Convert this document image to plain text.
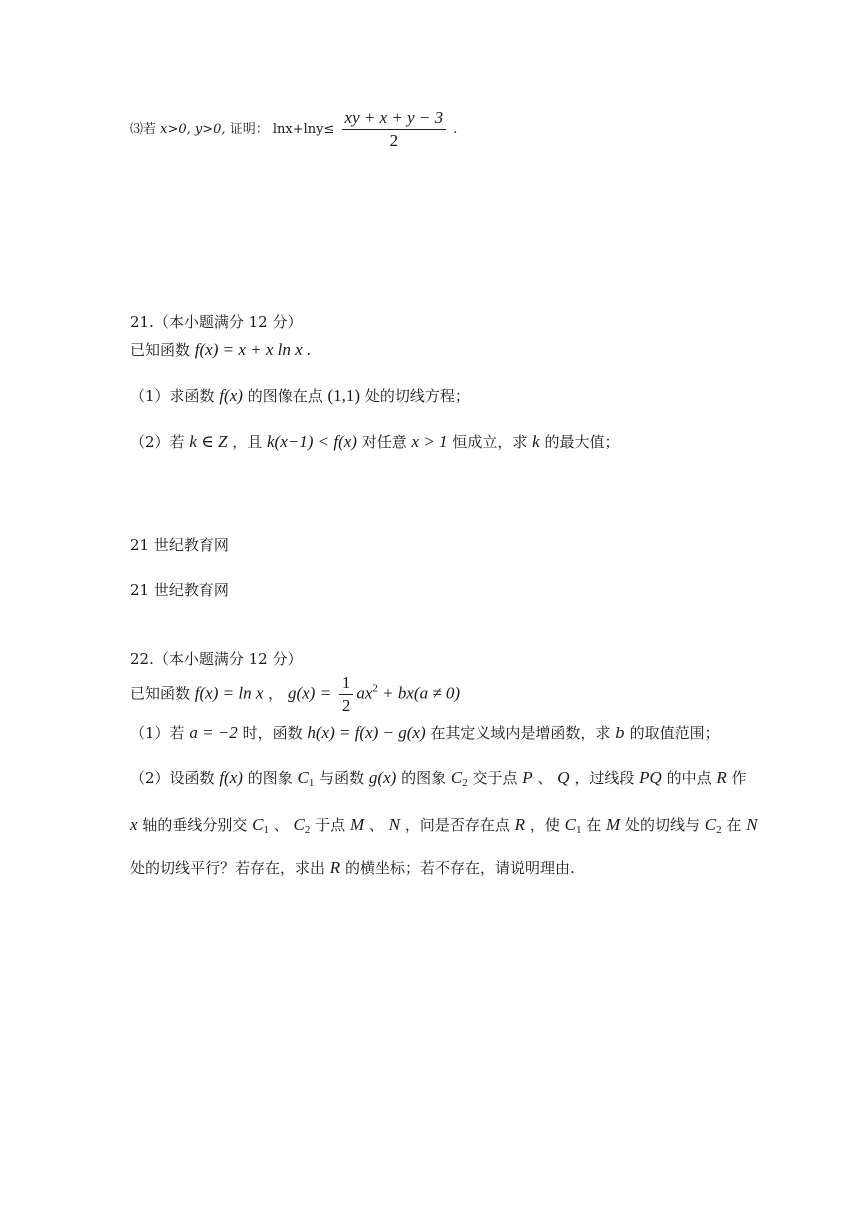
⑶若 x>0, y>0, 证明： $\ln x+\ln y\le \frac{xy + x + y - 3}{2}$ .
21.（本小题满分 12 分）
已知函数 f(x) = x + x ln x .
（1）求函数 f(x) 的图像在点 (1,1) 处的切线方程；
（2）若 k ∈ Z ，且 k(x−1) < f(x) 对任意 x > 1 恒成立，求 k 的最大值；
21 世纪教育网
21 世纪教育网
22.（本小题满分 12 分）
已知函数 f(x) = ln x ， $g(x) = \frac{1}{2} ax^2 + bx(a \ne 0)$
（1）若 a = −2 时，函数 h(x) = f(x) − g(x) 在其定义域内是增函数，求 b 的取值范围；
（2）设函数 f(x) 的图象 $C_1$ 与函数 g(x) 的图象 $C_2$ 交于点 P 、 Q ，过线段 PQ 的中点 R 作
x 轴的垂线分别交 $C_1$ 、 $C_2$ 于点 M 、 N ，问是否存在点 R ，使 $C_1$ 在 M 处的切线与 $C_2$ 在 N
处的切线平行？若存在，求出 R 的横坐标；若不存在，请说明理由.
